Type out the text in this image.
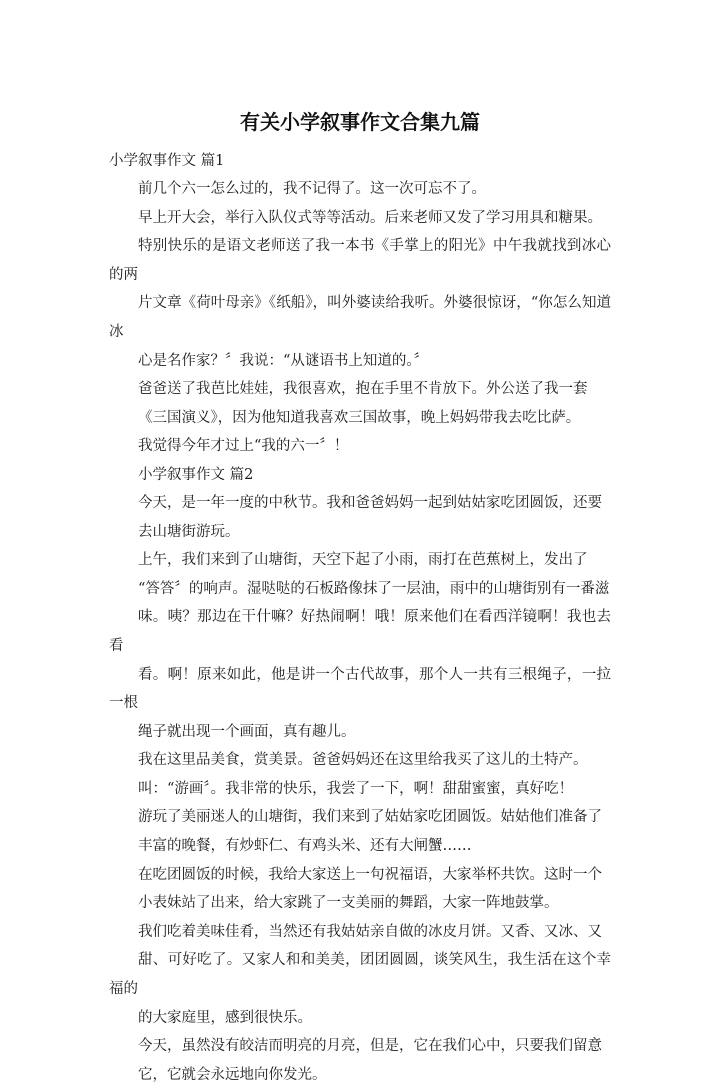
有关小学叙事作文合集九篇
小学叙事作文 篇1

前几个六一怎么过的，我不记得了。这一次可忘不了。

早上开大会，举行入队仪式等等活动。后来老师又发了学习用具和糖果。
特别快乐的是语文老师送了我一本书《手掌上的阳光》中午我就找到冰心的两
片文章《荷叶母亲》《纸船》，叫外婆读给我听。外婆很惊讶，“你怎么知道冰
心是名作家？〞我说：“从谜语书上知道的。〞

爸爸送了我芭比娃娃，我很喜欢，抱在手里不肯放下。外公送了我一套
《三国演义》，因为他知道我喜欢三国故事，晚上妈妈带我去吃比萨。

我觉得今年才过上“我的六一〞！

小学叙事作文 篇2

今天，是一年一度的中秋节。我和爸爸妈妈一起到姑姑家吃团圆饭，还要
去山塘街游玩。

上午，我们来到了山塘街，天空下起了小雨，雨打在芭蕉树上，发出了
“答答〞的响声。湿哒哒的石板路像抹了一层油，雨中的山塘街别有一番滋
味。咦？那边在干什嘛？好热闹啊！哦！原来他们在看西洋镜啊！我也去看
看。啊！原来如此，他是讲一个古代故事，那个人一共有三根绳子，一拉一根
绳子就出现一个画面，真有趣儿。

我在这里品美食，赏美景。爸爸妈妈还在这里给我买了这儿的土特产。
叫：“游画〞。我非常的快乐，我尝了一下，啊！甜甜蜜蜜，真好吃！

游玩了美丽迷人的山塘街，我们来到了姑姑家吃团圆饭。姑姑他们准备了
丰富的晚餐，有炒虾仁、有鸡头米、还有大闸蟹……

在吃团圆饭的时候，我给大家送上一句祝福语，大家举杯共饮。这时一个
小表妹站了出来，给大家跳了一支美丽的舞蹈，大家一阵地鼓掌。

我们吃着美味佳肴，当然还有我姑姑亲自做的冰皮月饼。又香、又冰、又
甜、可好吃了。又家人和和美美，团团圆圆，谈笑风生，我生活在这个幸福的
的大家庭里，感到很快乐。

今天，虽然没有皎洁而明亮的月亮，但是，它在我们心中，只要我们留意
它，它就会永远地向你发光。
